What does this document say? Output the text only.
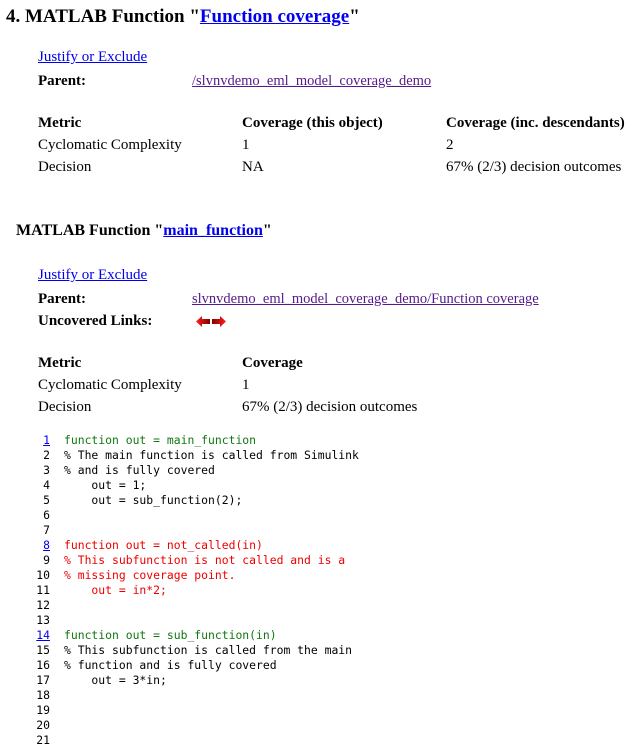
4. MATLAB Function "Function coverage"
Justify or Exclude
Parent:	/slvnvdemo_eml_model_coverage_demo
Metric	Coverage (this object)	Coverage (inc. descendants)
Cyclomatic Complexity	1	2
Decision	NA	67% (2/3) decision outcomes
MATLAB Function "main_function"
Justify or Exclude
Parent:	slvnvdemo_eml_model_coverage_demo/Function coverage
Uncovered Links:
Metric	Coverage
Cyclomatic Complexity	1
Decision	67% (2/3) decision outcomes
1 function out = main_function
2 % The main function is called from Simulink
3 % and is fully covered
4 out = 1;
5 out = sub_function(2);
6
7
8 function out = not_called(in)
9 % This subfunction is not called and is a
10 % missing coverage point.
11 out = in*2;
12
13
14 function out = sub_function(in)
15 % This subfunction is called from the main
16 % function and is fully covered
17 out = 3*in;
18
19
20
21
